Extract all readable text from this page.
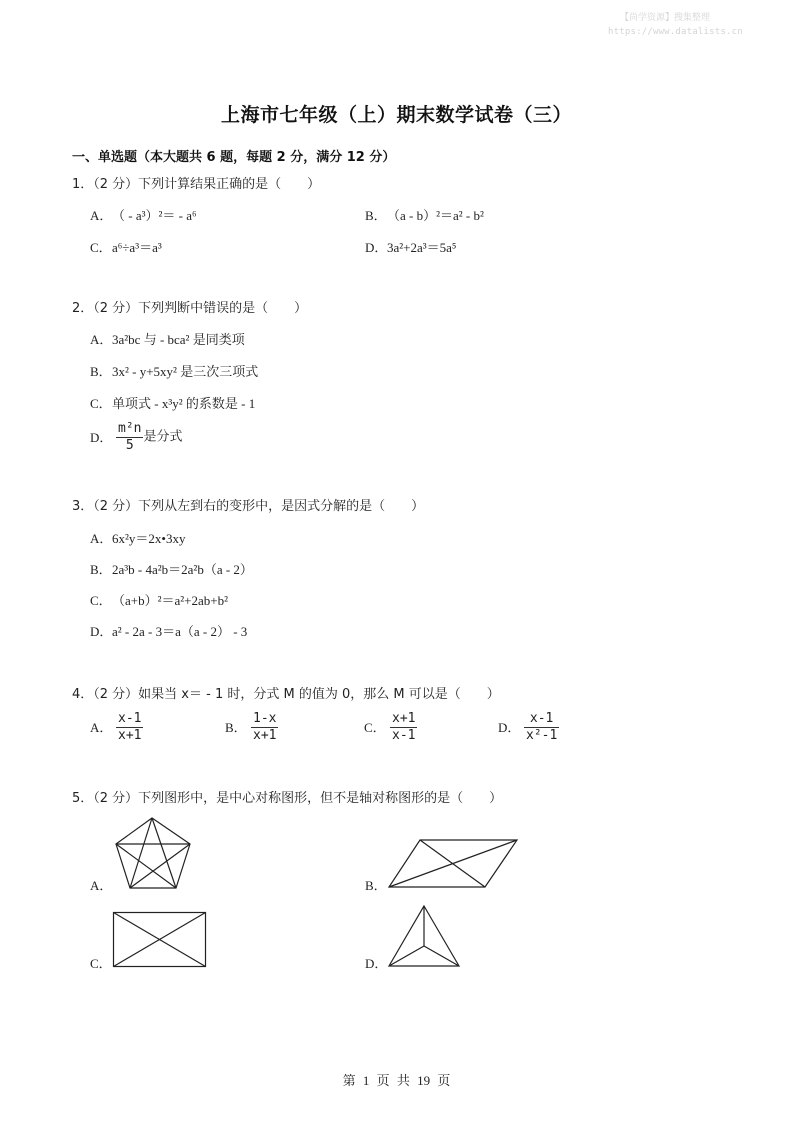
【尚学资源】搜集整理
https://www.datalists.cn
上海市七年级（上）期末数学试卷（三）
一、单选题（本大题共 6 题，每题 2 分，满分 12 分）
1．（2 分）下列计算结果正确的是（　　）
A．（ - a³）²＝ - a⁶	B．（a - b）²＝a² - b²
C．a⁶÷a³＝a³	D．3a²+2a³＝5a⁵
2．（2 分）下列判断中错误的是（　　）
A．3a²bc 与 - bca² 是同类项
B．3x² - y+5xy² 是三次三项式
C．单项式 - x³y² 的系数是 - 1
D． $\frac{\text{m²n}}{5}$ 是分式
3．（2 分）下列从左到右的变形中，是因式分解的是（　　）
A．6x²y＝2x•3xy
B．2a³b - 4a²b＝2a²b（a - 2）
C．（a+b）²＝a²+2ab+b²
D．a² - 2a - 3＝a（a - 2） - 3
4．（2 分）如果当 x＝ - 1 时，分式 M 的值为 0，那么 M 可以是（　　）
A． $\frac{x-1}{x+1}$	B． $\frac{1-x}{x+1}$	C． $\frac{x+1}{x-1}$	D． $\frac{x-1}{\text{x²-1}}$
5．（2 分）下列图形中，是中心对称图形，但不是轴对称图形的是（　　）
A．	B．
C．	D．
第 1 页 共 19 页
